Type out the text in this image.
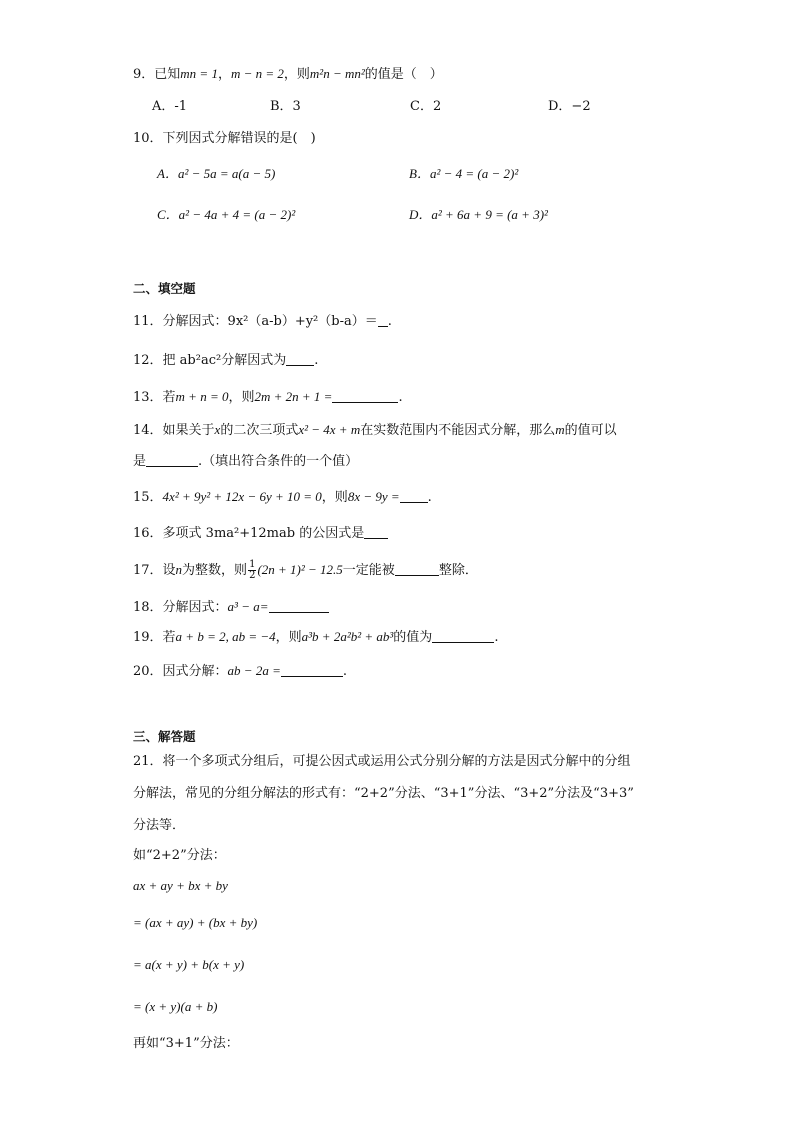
9．已知mn = 1，m − n = 2，则m²n − mn²的值是（　）
A．-1	B．3	C．2	D．−2
10．下列因式分解错误的是(　)
A．a² − 5a = a(a − 5)	B．a² − 4 = (a − 2)²
C．a² − 4a + 4 = (a − 2)²	D．a² + 6a + 9 = (a + 3)²
二、填空题
11．分解因式：9x²（a-b）+y²（b-a）＝ .
12．把 ab²ac²分解因式为 .
13．若m + n = 0，则2m + 2n + 1 =	.
14．如果关于x的二次三项式x² − 4x + m在实数范围内不能因式分解，那么m的值可以
是	.（填出符合条件的一个值）
15．4x² + 9y² + 12x − 6y + 10 = 0，则8x − 9y = .
16．多项式 3ma²+12mab 的公因式是
17．设n为整数，则 $\frac{1}{2} (2n + 1)^2 - 12.5$一定能被	整除．
18．分解因式：a³ − a=
19．若a + b = 2, ab = −4，则a³b + 2a²b² + ab³的值为	.
20．因式分解：ab − 2a =	.
三、解答题
21．将一个多项式分组后，可提公因式或运用公式分别分解的方法是因式分解中的分组
分解法，常见的分组分解法的形式有：“2+2”分法、“3+1”分法、“3+2”分法及“3+3”
分法等．
如“2+2”分法：
ax + ay + bx + by
= (ax + ay) + (bx + by)
= a(x + y) + b(x + y)
= (x + y)(a + b)
再如“3+1”分法：
